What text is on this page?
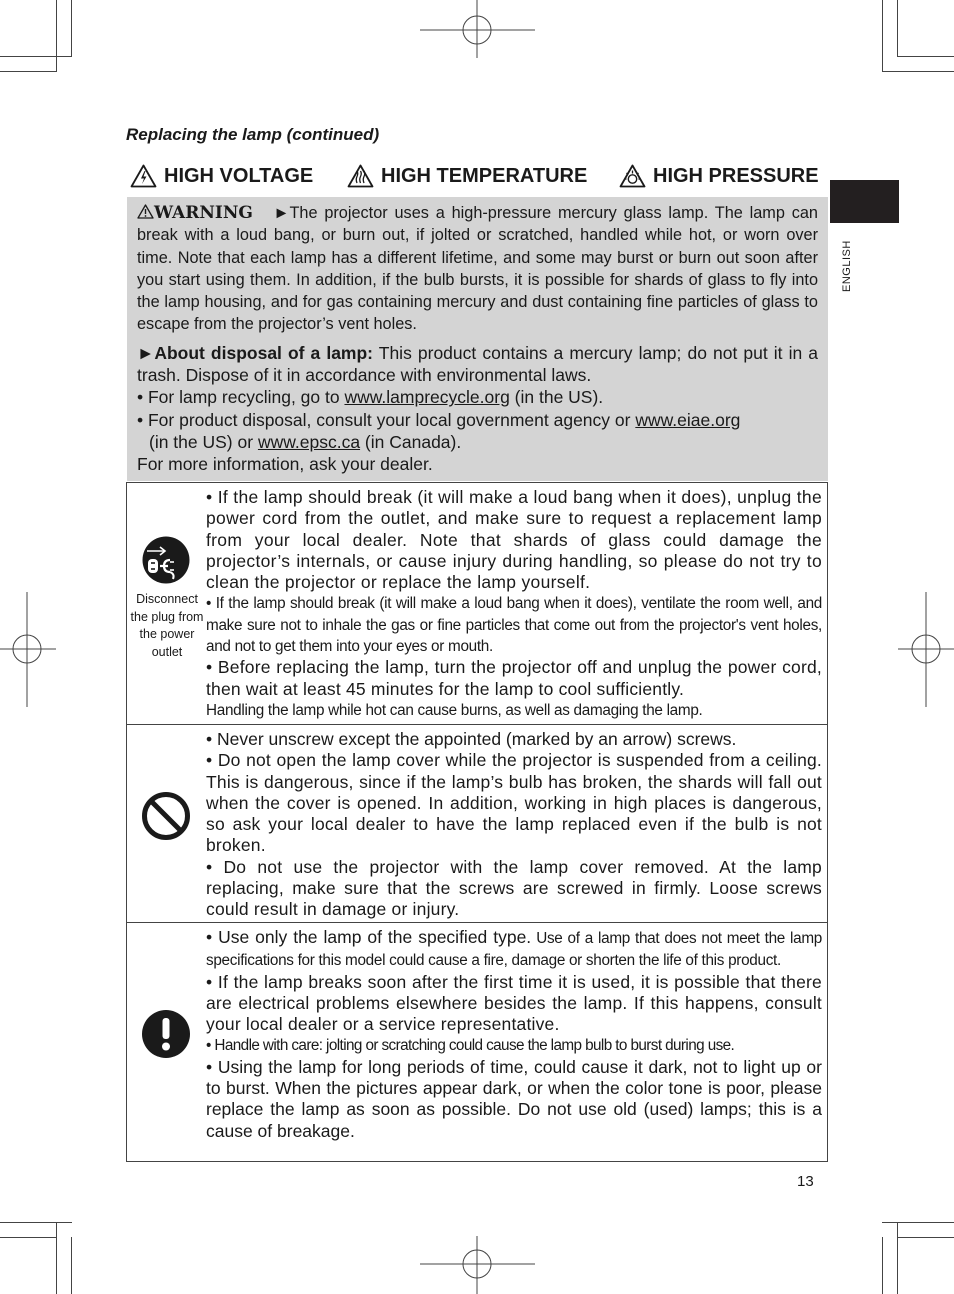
Replacing the lamp (continued)
HIGH VOLTAGE	HIGH TEMPERATURE	HIGH PRESSURE
ENGLISH

WARNING ►The projector uses a high-pressure mercury glass lamp. The lamp can break with a loud bang, or burn out, if jolted or scratched, handled while hot, or worn over time. Note that each lamp has a different lifetime, and some may burst or burn out soon after you start using them. In addition, if the bulb bursts, it is possible for shards of glass to fly into the lamp housing, and for gas containing mercury and dust containing fine particles of glass to escape from the projector’s vent holes.

►About disposal of a lamp: This product contains a mercury lamp; do not put it in a trash. Dispose of it in accordance with environmental laws.

• For lamp recycling, go to www.lamprecycle.org (in the US).

• For product disposal, consult your local government agency or www.eiae.org

(in the US) or www.epsc.ca (in Canada).

For more information, ask your dealer.

Disconnect the plug from the power outlet

• If the lamp should break (it will make a loud bang when it does), unplug the power cord from the outlet, and make sure to request a replacement lamp from your local dealer. Note that shards of glass could damage the projector’s internals, or cause injury during handling, so please do not try to clean the projector or replace the lamp yourself.

• If the lamp should break (it will make a loud bang when it does), ventilate the room well, and make sure not to inhale the gas or fine particles that come out from the projector's vent holes, and not to get them into your eyes or mouth.

• Before replacing the lamp, turn the projector off and unplug the power cord, then wait at least 45 minutes for the lamp to cool sufficiently.

Handling the lamp while hot can cause burns, as well as damaging the lamp.

• Never unscrew except the appointed (marked by an arrow) screws.

• Do not open the lamp cover while the projector is suspended from a ceiling. This is dangerous, since if the lamp’s bulb has broken, the shards will fall out when the cover is opened. In addition, working in high places is dangerous, so ask your local dealer to have the lamp replaced even if the bulb is not broken.

• Do not use the projector with the lamp cover removed. At the lamp replacing, make sure that the screws are screwed in firmly. Loose screws could result in damage or injury.

• Use only the lamp of the specified type. Use of a lamp that does not meet the lamp specifications for this model could cause a fire, damage or shorten the life of this product.

• If the lamp breaks soon after the first time it is used, it is possible that there are electrical problems elsewhere besides the lamp. If this happens, consult your local dealer or a service representative.

• Handle with care: jolting or scratching could cause the lamp bulb to burst during use.

• Using the lamp for long periods of time, could cause it dark, not to light up or to burst. When the pictures appear dark, or when the color tone is poor, please replace the lamp as soon as possible. Do not use old (used) lamps; this is a cause of breakage.

13
